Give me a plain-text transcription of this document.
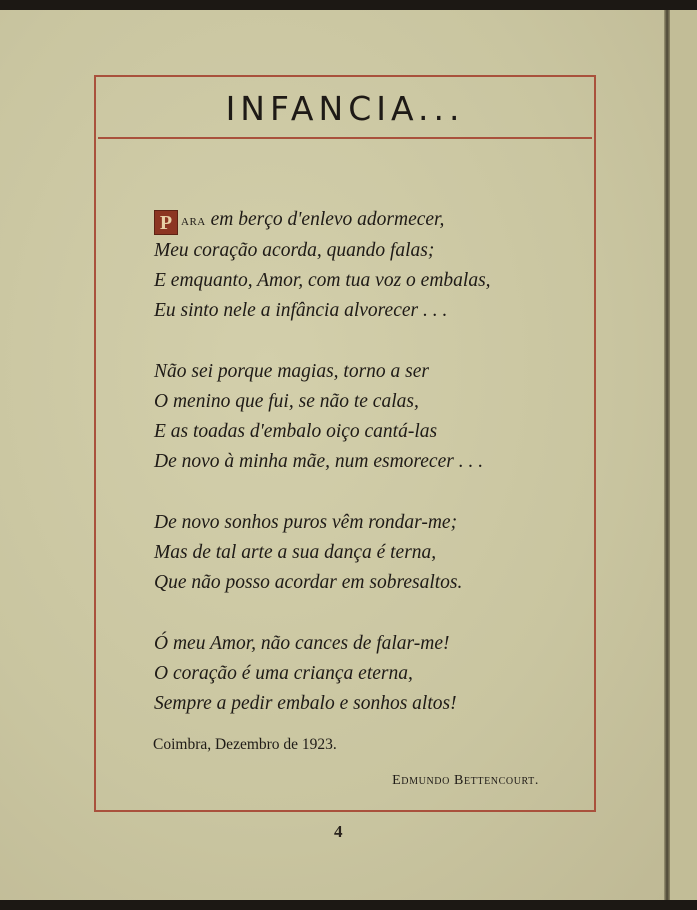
INFANCIA...
P ara em berço d'enlevo adormecer,
Meu coração acorda, quando falas;
E emquanto, Amor, com tua voz o embalas,
Eu sinto nele a infância alvorecer . . .
Não sei porque magias, torno a ser
O menino que fui, se não te calas,
E as toadas d'embalo oiço cantá-las
De novo à minha mãe, num esmorecer . . .
De novo sonhos puros vêm rondar-me;
Mas de tal arte a sua dança é terna,
Que não posso acordar em sobresaltos.
Ó meu Amor, não cances de falar-me!
O coração é uma criança eterna,
Sempre a pedir embalo e sonhos altos!
Coimbra, Dezembro de 1923.
Edmundo Bettencourt.
4
